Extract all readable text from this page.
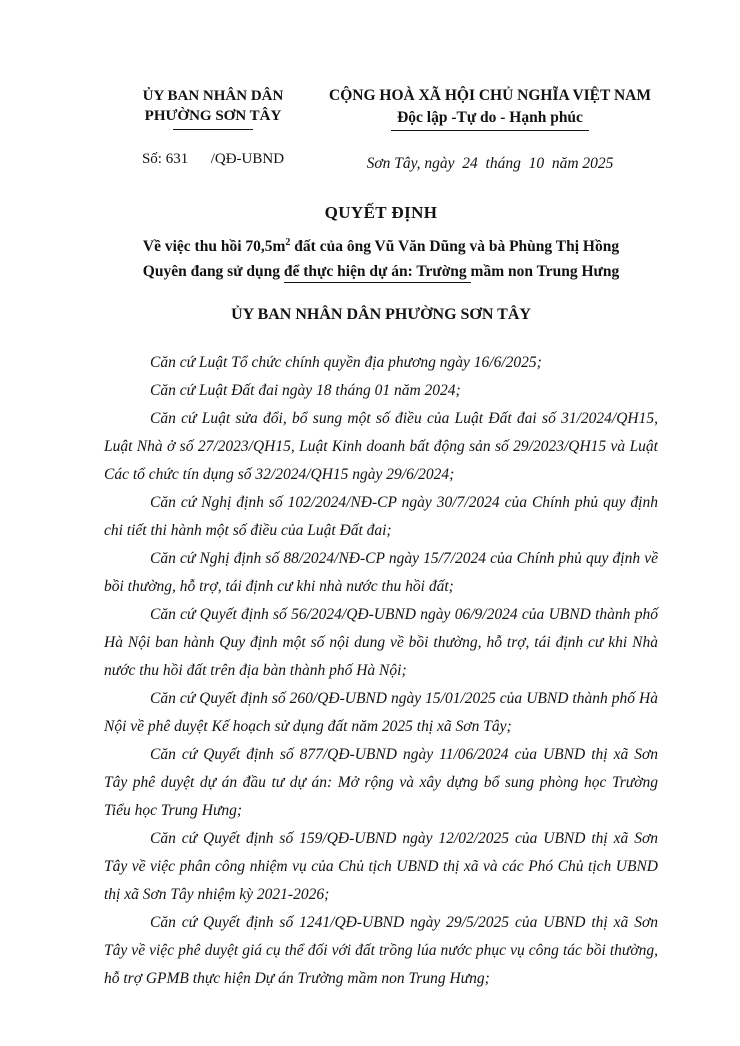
ỦY BAN NHÂN DÂN
PHƯỜNG SƠN TÂY
Số: 631      /QĐ-UBND
CỘNG HOÀ XÃ HỘI CHỦ NGHĨA VIỆT NAM
Độc lập -Tự do - Hạnh phúc
Sơn Tây, ngày  24  tháng  10  năm 2025
QUYẾT ĐỊNH
Về việc thu hồi $70,5m^2$ đất của ông Vũ Văn Dũng và bà Phùng Thị Hồng
Quyên đang sử dụng để thực hiện dự án: Trường mầm non Trung Hưng
ỦY BAN NHÂN DÂN PHƯỜNG SƠN TÂY

Căn cứ Luật Tổ chức chính quyền địa phương ngày 16/6/2025;

Căn cứ Luật Đất đai ngày 18 tháng 01 năm 2024;

Căn cứ Luật sửa đổi, bổ sung một số điều của Luật Đất đai số 31/2024/QH15, Luật Nhà ở số 27/2023/QH15, Luật Kinh doanh bất động sản số 29/2023/QH15 và Luật Các tổ chức tín dụng số 32/2024/QH15 ngày 29/6/2024;

Căn cứ Nghị định số 102/2024/NĐ-CP ngày 30/7/2024 của Chính phủ quy định chi tiết thi hành một số điều của Luật Đất đai;

Căn cứ Nghị định số 88/2024/NĐ-CP ngày 15/7/2024 của Chính phủ quy định về bồi thường, hỗ trợ, tái định cư khi nhà nước thu hồi đất;

Căn cứ Quyết định số 56/2024/QĐ-UBND ngày 06/9/2024 của UBND thành phố Hà Nội ban hành Quy định một số nội dung về bồi thường, hỗ trợ, tái định cư khi Nhà nước thu hồi đất trên địa bàn thành phố Hà Nội;

Căn cứ Quyết định số 260/QĐ-UBND ngày 15/01/2025 của UBND thành phố Hà Nội về phê duyệt Kế hoạch sử dụng đất năm 2025 thị xã Sơn Tây;

Căn cứ Quyết định số 877/QĐ-UBND ngày 11/06/2024 của UBND thị xã Sơn Tây phê duyệt dự án đầu tư dự án: Mở rộng và xây dựng bổ sung phòng học Trường Tiểu học Trung Hưng;

Căn cứ Quyết định số 159/QĐ-UBND ngày 12/02/2025 của UBND thị xã Sơn Tây về việc phân công nhiệm vụ của Chủ tịch UBND thị xã và các Phó Chủ tịch UBND thị xã Sơn Tây nhiệm kỳ 2021-2026;

Căn cứ Quyết định số 1241/QĐ-UBND ngày 29/5/2025 của UBND thị xã Sơn Tây về việc phê duyệt giá cụ thể đối với đất trồng lúa nước phục vụ công tác bồi thường, hỗ trợ GPMB thực hiện Dự án Trường mầm non Trung Hưng;
